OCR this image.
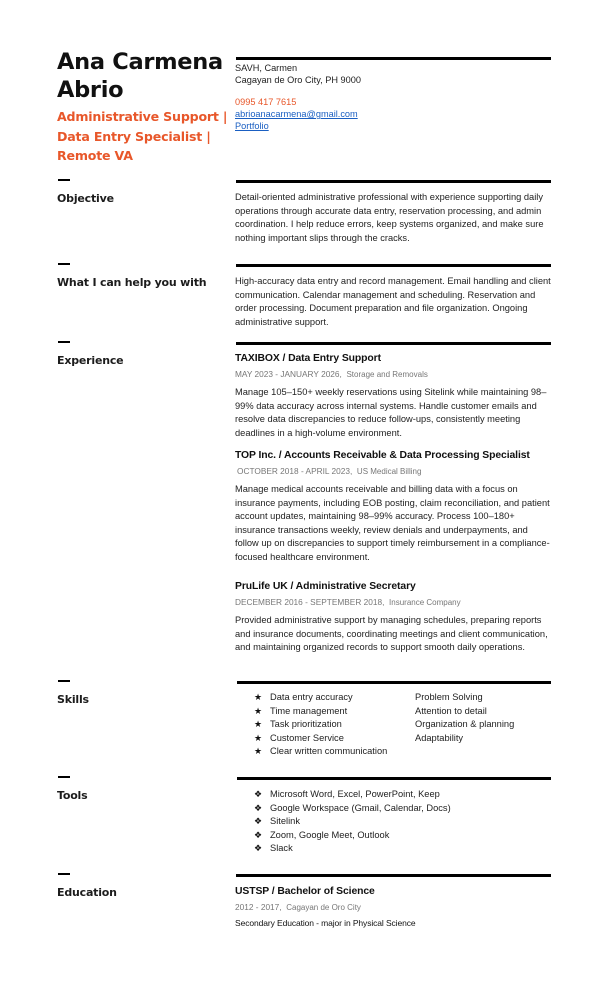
Ana Carmena
Abrio
Administrative Support |
Data Entry Specialist |
Remote VA
SAVH, Carmen
Cagayan de Oro City, PH 9000
0995 417 7615
abrioanacarmena@gmail.com
Portfolio
Objective	Detail-oriented administrative professional with experience supporting daily operations through accurate data entry, reservation processing, and admin coordination. I help reduce errors, keep systems organized, and make sure nothing important slips through the cracks.
What I can help you with	High-accuracy data entry and record management. Email handling and client communication. Calendar management and scheduling. Reservation and order processing. Document preparation and file organization. Ongoing administrative support.
Experience	TAXIBOX / Data Entry Support
MAY 2023 - JANUARY 2026, Storage and Removals
Manage 105–150+ weekly reservations using Sitelink while maintaining 98–99% data accuracy across internal systems. Handle customer emails and resolve data discrepancies to reduce follow-ups, consistently meeting deadlines in a high-volume environment.
TOP Inc. / Accounts Receivable & Data Processing Specialist
OCTOBER 2018 - APRIL 2023, US Medical Billing
Manage medical accounts receivable and billing data with a focus on insurance payments, including EOB posting, claim reconciliation, and patient account updates, maintaining 98–99% accuracy. Process 100–180+ insurance transactions weekly, review denials and underpayments, and follow up on discrepancies to support timely reimbursement in a compliance-focused healthcare environment.
PruLife UK / Administrative Secretary
DECEMBER 2016 - SEPTEMBER 2018, Insurance Company
Provided administrative support by managing schedules, preparing reports and insurance documents, coordinating meetings and client communication, and maintaining organized records to support smooth daily operations.
Skills	★ Data entry accuracy
★ Time management
★ Task prioritization
★ Customer Service
★ Clear written communication
Problem Solving
Attention to detail
Organization & planning
Adaptability
Tools	❖ Microsoft Word, Excel, PowerPoint, Keep
❖ Google Workspace (Gmail, Calendar, Docs)
❖ Sitelink
❖ Zoom, Google Meet, Outlook
❖ Slack
Education	USTSP / Bachelor of Science
2012 - 2017, Cagayan de Oro City
Secondary Education - major in Physical Science
